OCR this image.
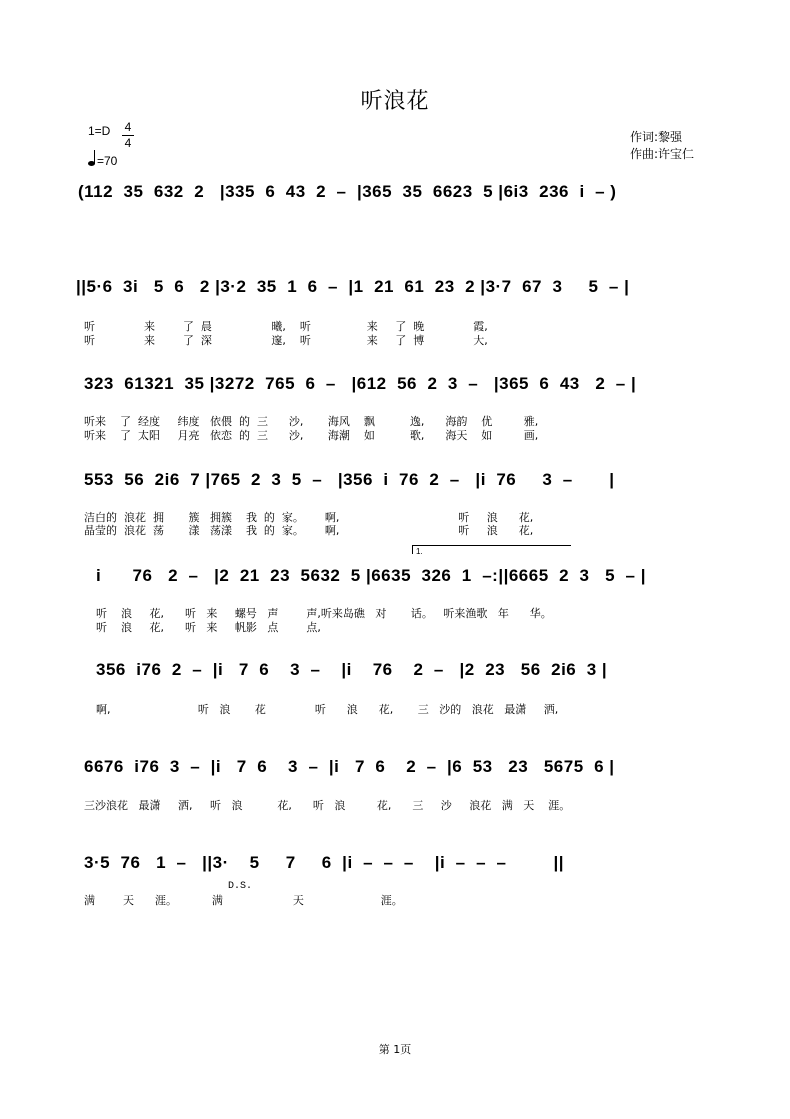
听浪花
1=D 4
4
=70
作词:黎强
作曲:许宝仁
(112  35  632  2   |335  6  43  2  –  |365  35  6623  5 |6i3  236  i  – )
||5·6  3i   5  6   2 |3·2  35  1  6  –  |1  21  61  23  2 |3·7  67  3     5  – |
听              来        了  晨                 曦,    听                来     了  晚              霞,
听              来        了  深                 邃,    听                来     了  博              大,
323  61321  35 |3272  765  6  –   |612  56  2  3  –   |365  6  43   2  – |
听来    了  经度     纬度   依偎  的  三      沙,       海风    飘          逸,      海韵    优         雅,
听来    了  太阳     月亮   依恋  的  三      沙,       海潮    如          歌,      海天    如         画,
553  56  2i6  7 |765  2  3  5  –   |356  i  76  2  –   |i  76     3  –       |
洁白的  浪花  拥       簇   拥簇    我  的  家。      啊,                                  听     浪      花,
晶莹的  浪花  荡       漾   荡漾    我  的  家。      啊,                                  听     浪      花,
1.
i      76   2  –   |2  21  23  5632  5 |6635  326  1  –:||6665  2  3   5  – |
听    浪     花,      听   来     螺号   声        声,听来岛礁   对       话。   听来渔歌   年      华。
听    浪     花,      听   来     帆影   点        点,
356  i76  2  –  |i   7  6    3  –    |i    76    2  –   |2  23   56  2i6  3 |
啊,                         听   浪       花              听      浪      花,       三   沙的   浪花   最潇     洒,
6676  i76  3  –  |i   7  6    3  –  |i   7  6    2  –  |6  53   23   5675  6 |
三沙浪花   最潇     洒,     听   浪          花,      听   浪         花,      三     沙     浪花   满   天    涯。
3·5  76   1  –   ||3·    5     7     6  |i  –  –  –    |i  –  –  –         ||
D.S.
满        天      涯。          满                    天                      涯。
第 1页
